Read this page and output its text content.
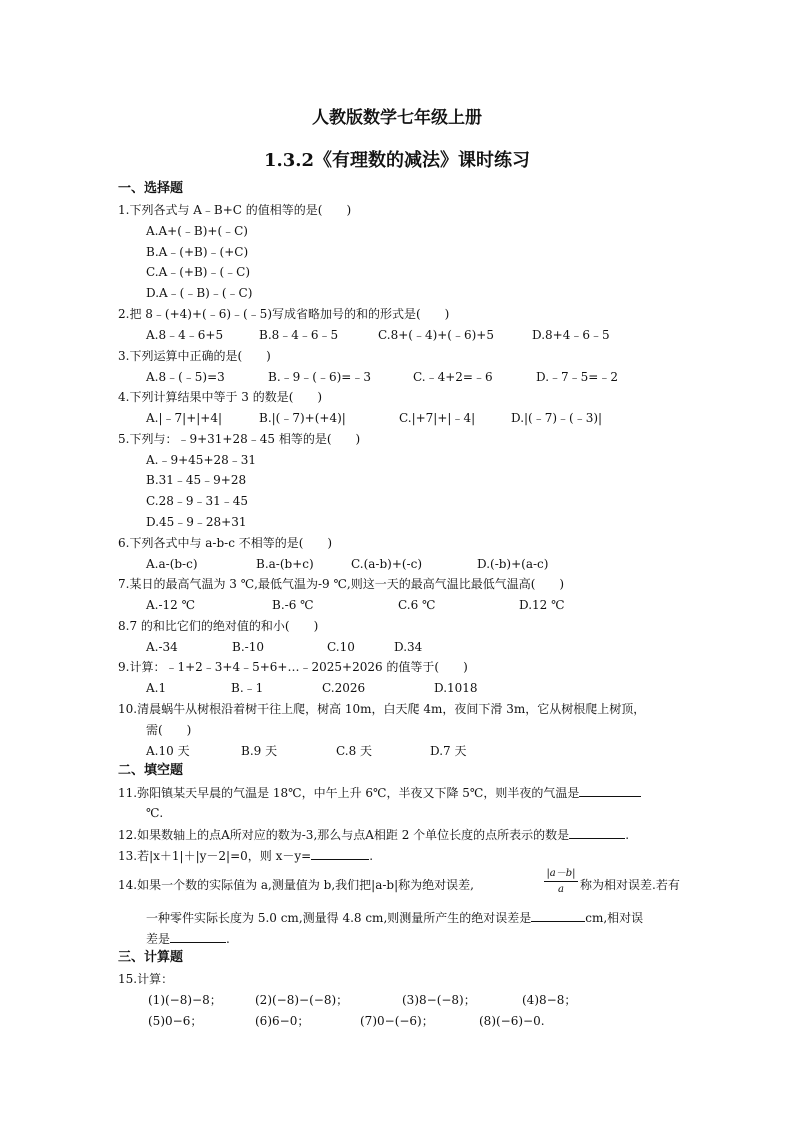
人教版数学七年级上册
1.3.2《有理数的减法》课时练习
一、选择题
1.下列各式与 A﹣B+C 的值相等的是(　　)
A.A+(﹣B)+(﹣C)
B.A﹣(+B)﹣(+C)
C.A﹣(+B)﹣(﹣C)
D.A﹣(﹣B)﹣(﹣C)
2.把 8﹣(+4)+(﹣6)﹣(﹣5)写成省略加号的和的形式是(　　)
A.8﹣4﹣6+5	B.8﹣4﹣6﹣5	C.8+(﹣4)+(﹣6)+5	D.8+4﹣6﹣5
3.下列运算中正确的是(　　)
A.8﹣(﹣5)=3	B.﹣9﹣(﹣6)=﹣3	C.﹣4+2=﹣6	D.﹣7﹣5=﹣2
4.下列计算结果中等于 3 的数是(　　)
A.|﹣7|+|+4|	B.|(﹣7)+(+4)|	C.|+7|+|﹣4|	D.|(﹣7)﹣(﹣3)|
5.下列与：﹣9+31+28﹣45 相等的是(　　)
A.﹣9+45+28﹣31
B.31﹣45﹣9+28
C.28﹣9﹣31﹣45
D.45﹣9﹣28+31
6.下列各式中与 a-b-c 不相等的是(　　)
A.a-(b-c)	B.a-(b+c)	C.(a-b)+(-c)	D.(-b)+(a-c)
7.某日的最高气温为 3 ℃,最低气温为-9 ℃,则这一天的最高气温比最低气温高(　　)
A.-12 ℃	B.-6 ℃	C.6 ℃	D.12 ℃
8.7 的和比它们的绝对值的和小(　　)
A.-34	B.-10	C.10	D.34
9.计算：﹣1+2﹣3+4﹣5+6+…﹣2025+2026 的值等于(　　)
A.1	B.﹣1	C.2026	D.1018
10.清晨蜗牛从树根沿着树干往上爬，树高 10m，白天爬 4m，夜间下滑 3m，它从树根爬上树顶，
需(　　)
A.10 天	B.9 天	C.8 天	D.7 天
二、填空题
11.弥阳镇某天早晨的气温是 18℃，中午上升 6℃，半夜又下降 5℃，则半夜的气温是
℃.
12.如果数轴上的点A所对应的数为-3,那么与点A相距 2 个单位长度的点所表示的数是	.
13.若|x＋1|＋|y－2|=0，则 x－y=	.
14.如果一个数的实际值为 a,测量值为 b,我们把|a-b|称为绝对误差,	$\frac{|a-b|}{a}$ 称为相对误差.若有
一种零件实际长度为 5.0 cm,测量得 4.8 cm,则测量所产生的绝对误差是	cm,相对误
差是	.
三、计算题
15.计算：
(1)(−8)−8；	(2)(−8)−(−8)；	(3)8−(−8)；	(4)8−8；
(5)0−6；	(6)6−0；	(7)0−(−6)；	(8)(−6)−0.
